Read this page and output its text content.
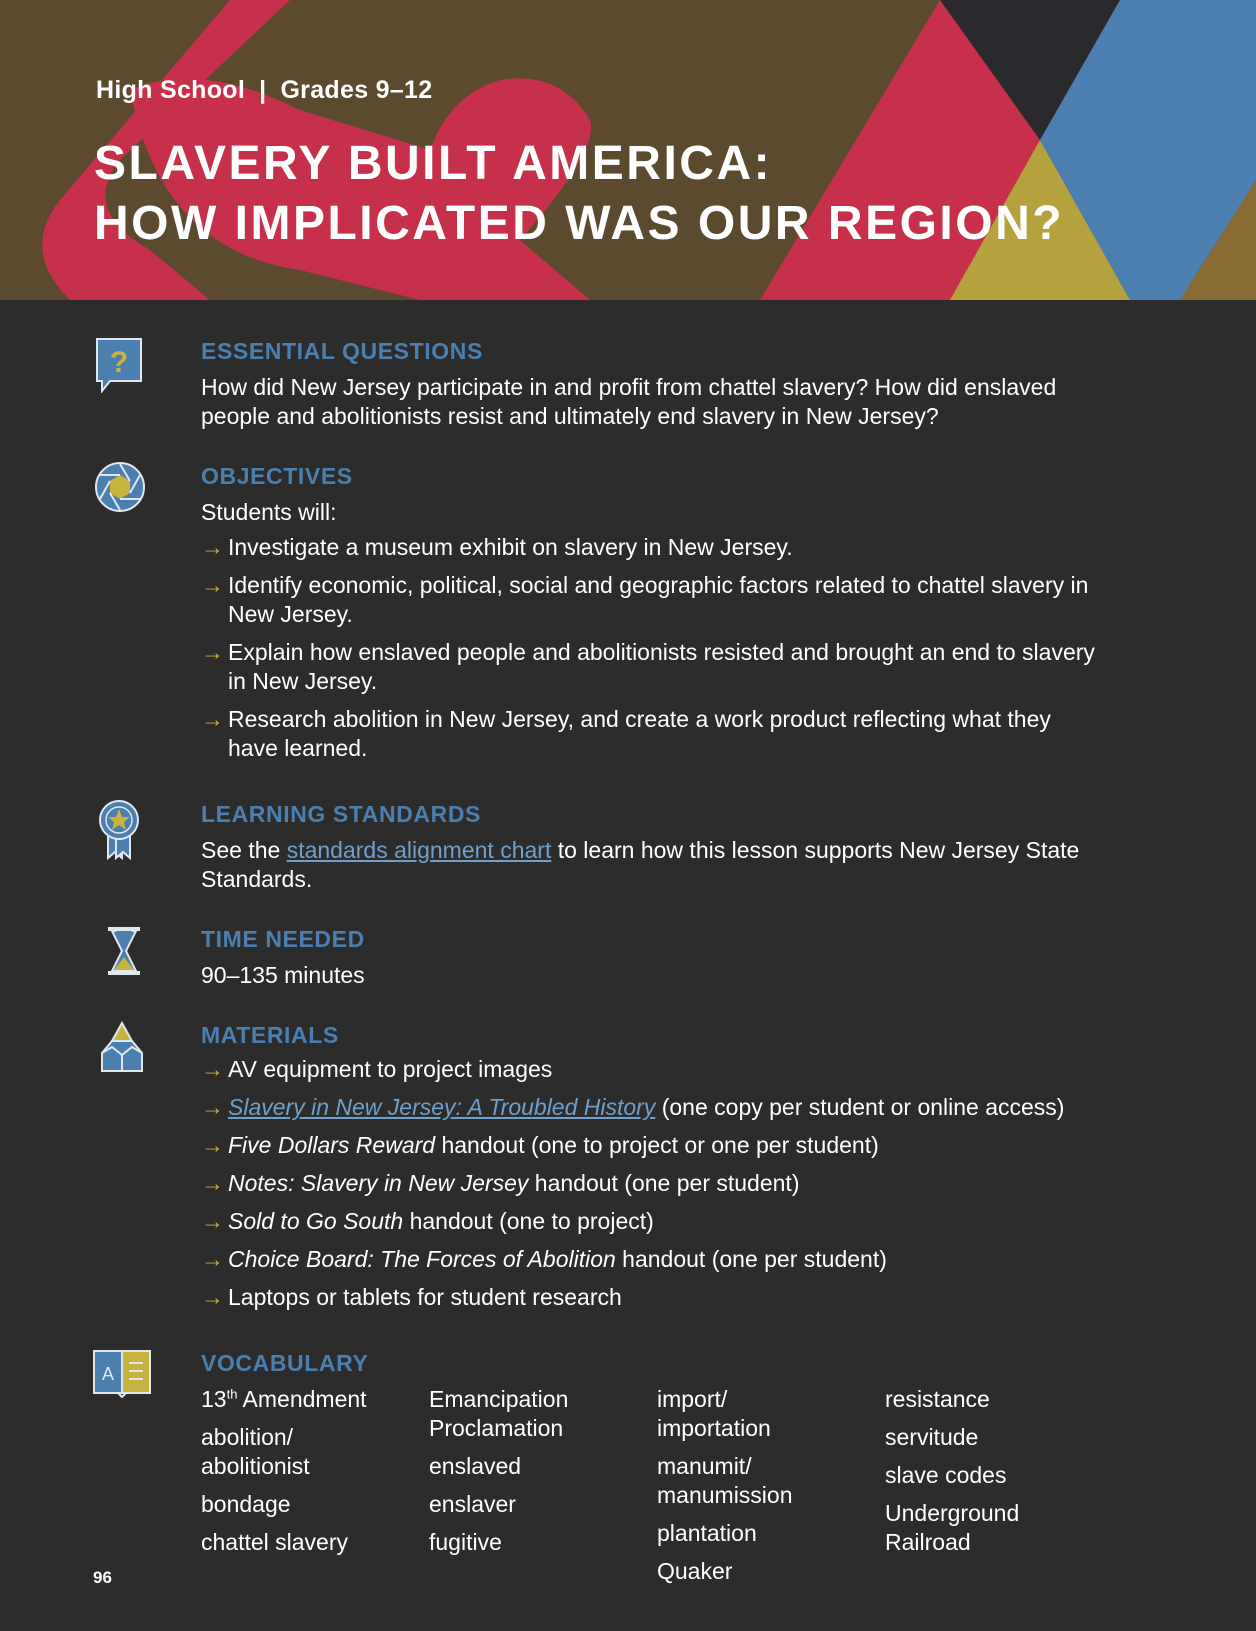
High School | Grades 9–12
SLAVERY BUILT AMERICA:
HOW IMPLICATED WAS OUR REGION?
?	ESSENTIAL QUESTIONS
How did New Jersey participate in and profit from chattel slavery? How did enslaved people and abolitionists resist and ultimately end slavery in New Jersey?
OBJECTIVES
Students will:
→ Investigate a museum exhibit on slavery in New Jersey.
→ Identify economic, political, social and geographic factors related to chattel slavery in New Jersey.
→ Explain how enslaved people and abolitionists resisted and brought an end to slavery in New Jersey.
→ Research abolition in New Jersey, and create a work product reflecting what they have learned.
LEARNING STANDARDS
See the standards alignment chart to learn how this lesson supports New Jersey State Standards.
TIME NEEDED
90–135 minutes
MATERIALS
→ AV equipment to project images
→ Slavery in New Jersey: A Troubled History (one copy per student or online access)
→ Five Dollars Reward handout (one to project or one per student)
→ Notes: Slavery in New Jersey handout (one per student)
→ Sold to Go South handout (one to project)
→ Choice Board: The Forces of Abolition handout (one per student)
→ Laptops or tablets for student research
A	VOCABULARY
13th Amendment
abolition/ abolitionist
bondage
chattel slavery
Emancipation Proclamation
enslaved
enslaver
fugitive
import/ importation
manumit/ manumission
plantation
Quaker
resistance
servitude
slave codes
Underground Railroad
96
